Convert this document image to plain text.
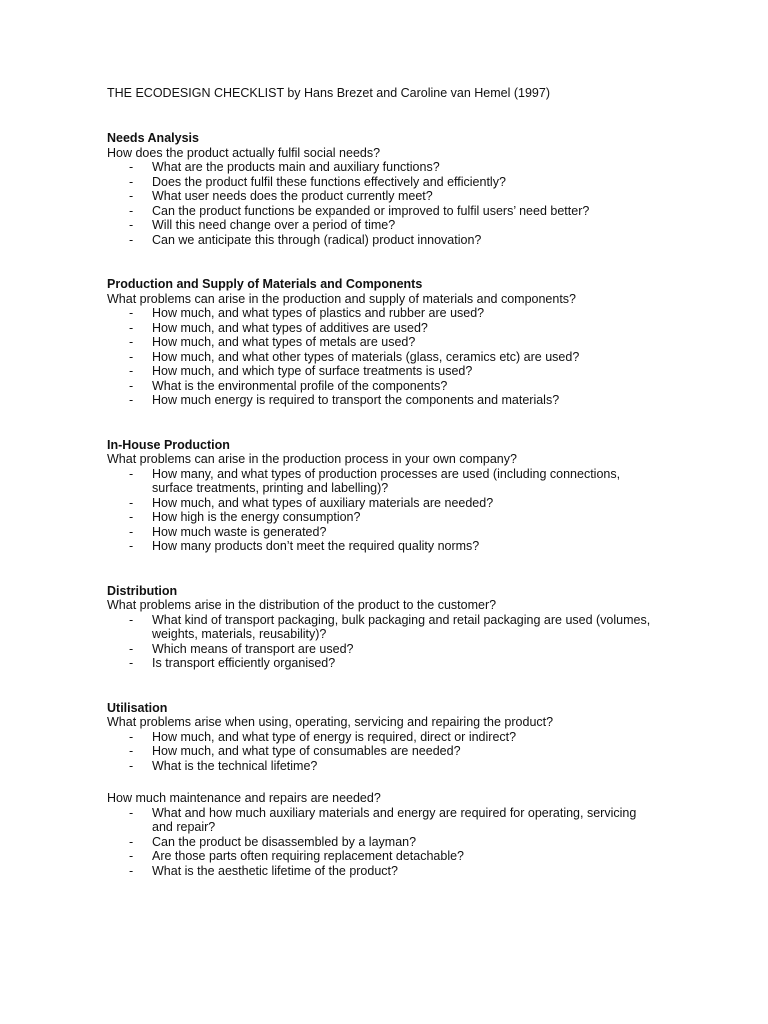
THE ECODESIGN CHECKLIST by Hans Brezet and Caroline van Hemel (1997)
Needs Analysis
How does the product actually fulfil social needs?
- What are the products main and auxiliary functions?
- Does the product fulfil these functions effectively and efficiently?
- What user needs does the product currently meet?
- Can the product functions be expanded or improved to fulfil users’ need better?
- Will this need change over a period of time?
- Can we anticipate this through (radical) product innovation?
Production and Supply of Materials and Components
What problems can arise in the production and supply of materials and components?
- How much, and what types of plastics and rubber are used?
- How much, and what types of additives are used?
- How much, and what types of metals are used?
- How much, and what other types of materials (glass, ceramics etc) are used?
- How much, and which type of surface treatments is used?
- What is the environmental profile of the components?
- How much energy is required to transport the components and materials?
In-House Production
What problems can arise in the production process in your own company?
- How many, and what types of production processes are used (including connections,
surface treatments, printing and labelling)?
- How much, and what types of auxiliary materials are needed?
- How high is the energy consumption?
- How much waste is generated?
- How many products don’t meet the required quality norms?
Distribution
What problems arise in the distribution of the product to the customer?
- What kind of transport packaging, bulk packaging and retail packaging are used (volumes,
weights, materials, reusability)?
- Which means of transport are used?
- Is transport efficiently organised?
Utilisation
What problems arise when using, operating, servicing and repairing the product?
- How much, and what type of energy is required, direct or indirect?
- How much, and what type of consumables are needed?
- What is the technical lifetime?
How much maintenance and repairs are needed?
- What and how much auxiliary materials and energy are required for operating, servicing
and repair?
- Can the product be disassembled by a layman?
- Are those parts often requiring replacement detachable?
- What is the aesthetic lifetime of the product?
